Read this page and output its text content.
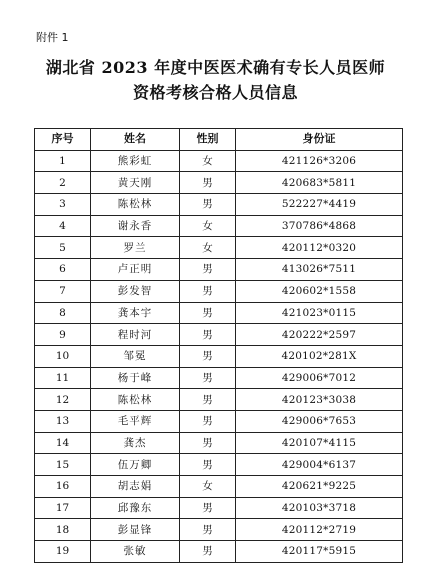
附件 1
湖北省 2023 年度中医医术确有专长人员医师
资格考核合格人员信息
序号	姓名	性别	身份证
1	熊彩虹	女	421126*3206
2	黄天刚	男	420683*5811
3	陈松林	男	522227*4419
4	谢永香	女	370786*4868
5	罗兰	女	420112*0320
6	卢正明	男	413026*7511
7	彭发智	男	420602*1558
8	龚本宇	男	421023*0115
9	程时河	男	420222*2597
10	邹冕	男	420102*281X
11	杨于峰	男	429006*7012
12	陈松林	男	420123*3038
13	毛平辉	男	429006*7653
14	龚杰	男	420107*4115
15	伍万卿	男	429004*6137
16	胡志娟	女	420621*9225
17	邱豫东	男	420103*3718
18	彭显锋	男	420112*2719
19	张敏	男	420117*5915
